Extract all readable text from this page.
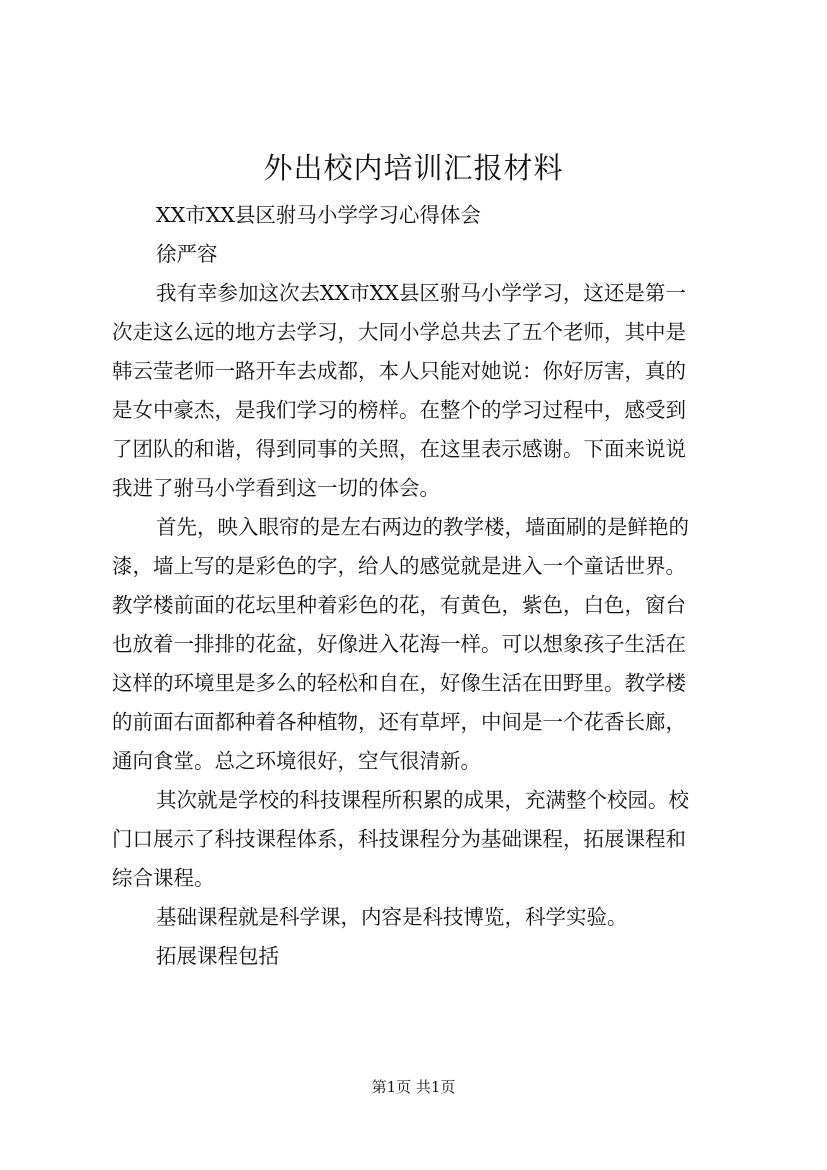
外出校内培训汇报材料

XX市XX县区驸马小学学习心得体会

徐严容

我有幸参加这次去XX市XX县区驸马小学学习，这还是第一

次走这么远的地方去学习，大同小学总共去了五个老师，其中是

韩云莹老师一路开车去成都，本人只能对她说：你好厉害，真的

是女中豪杰，是我们学习的榜样。在整个的学习过程中，感受到

了团队的和谐，得到同事的关照，在这里表示感谢。下面来说说

我进了驸马小学看到这一切的体会。

首先，映入眼帘的是左右两边的教学楼，墙面刷的是鲜艳的

漆，墙上写的是彩色的字，给人的感觉就是进入一个童话世界。

教学楼前面的花坛里种着彩色的花，有黄色，紫色，白色，窗台

也放着一排排的花盆，好像进入花海一样。可以想象孩子生活在

这样的环境里是多么的轻松和自在，好像生活在田野里。教学楼

的前面右面都种着各种植物，还有草坪，中间是一个花香长廊，

通向食堂。总之环境很好，空气很清新。

其次就是学校的科技课程所积累的成果，充满整个校园。校

门口展示了科技课程体系，科技课程分为基础课程，拓展课程和

综合课程。

基础课程就是科学课，内容是科技博览，科学实验。

拓展课程包括

第1页 共1页
